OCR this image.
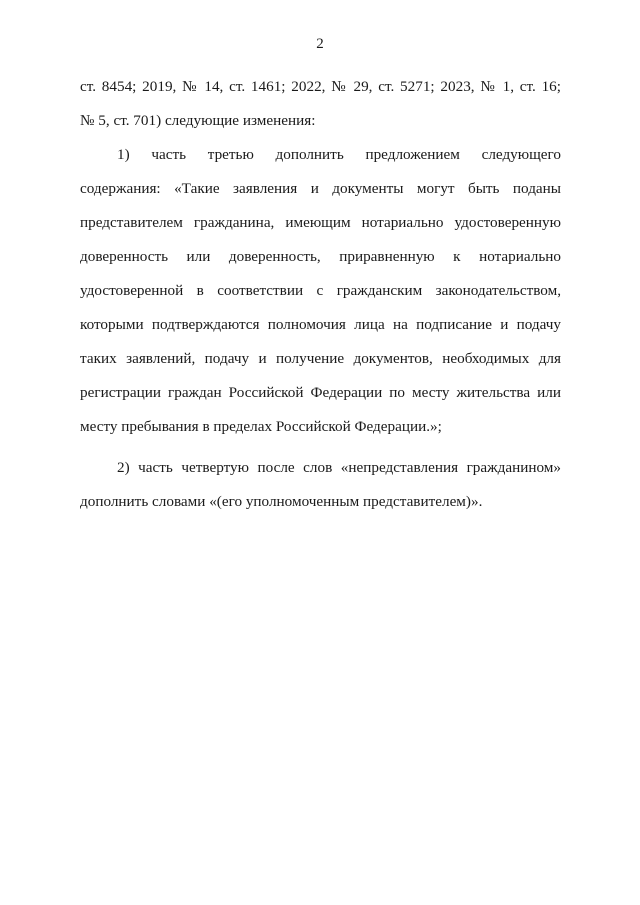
2
ст. 8454; 2019, № 14, ст. 1461; 2022, № 29, ст. 5271; 2023, № 1, ст. 16;
№ 5, ст. 701) следующие изменения:
1) часть третью дополнить предложением следующего
содержания: «Такие заявления и документы могут быть поданы
представителем гражданина, имеющим нотариально удостоверенную
доверенность или доверенность, приравненную к нотариально
удостоверенной в соответствии с гражданским законодательством,
которыми подтверждаются полномочия лица на подписание и подачу
таких заявлений, подачу и получение документов, необходимых для
регистрации граждан Российской Федерации по месту жительства или
месту пребывания в пределах Российской Федерации.»;
2) часть четвертую после слов «непредставления гражданином»
дополнить словами «(его уполномоченным представителем)».
